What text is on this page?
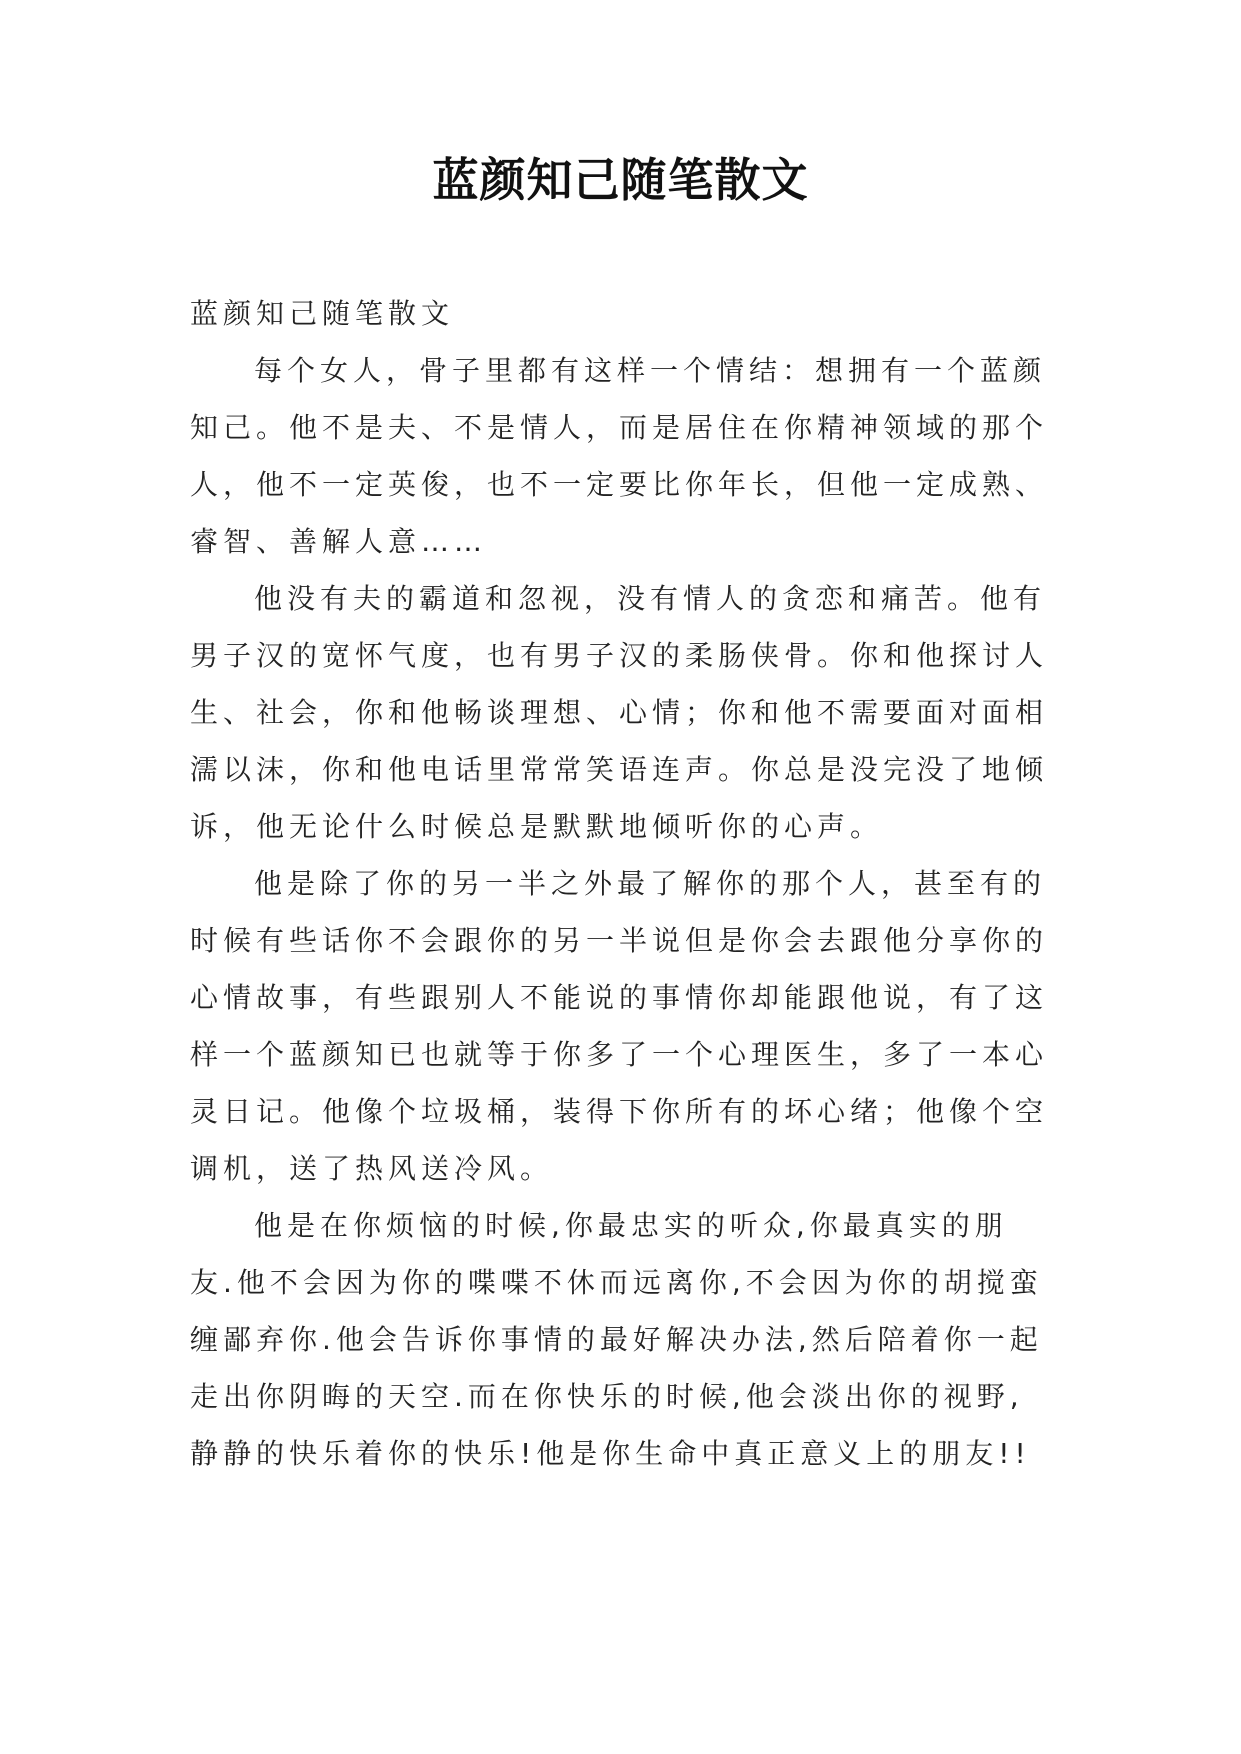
蓝颜知己随笔散文

蓝颜知己随笔散文

每个女人，骨子里都有这样一个情结：想拥有一个蓝颜知己。他不是夫、不是情人，而是居住在你精神领域的那个人，他不一定英俊，也不一定要比你年长，但他一定成熟、睿智、善解人意……

他没有夫的霸道和忽视，没有情人的贪恋和痛苦。他有男子汉的宽怀气度，也有男子汉的柔肠侠骨。你和他探讨人生、社会，你和他畅谈理想、心情；你和他不需要面对面相濡以沫，你和他电话里常常笑语连声。你总是没完没了地倾诉，他无论什么时候总是默默地倾听你的心声。

他是除了你的另一半之外最了解你的那个人，甚至有的时候有些话你不会跟你的另一半说但是你会去跟他分享你的心情故事，有些跟别人不能说的事情你却能跟他说，有了这样一个蓝颜知已也就等于你多了一个心理医生，多了一本心灵日记。他像个垃圾桶，装得下你所有的坏心绪；他像个空调机，送了热风送冷风。

他是在你烦恼的时候,你最忠实的听众,你最真实的朋友.他不会因为你的喋喋不休而远离你,不会因为你的胡搅蛮缠鄙弃你.他会告诉你事情的最好解决办法,然后陪着你一起走出你阴晦的天空.而在你快乐的时候,他会淡出你的视野,静静的快乐着你的快乐!他是你生命中真正意义上的朋友!!
